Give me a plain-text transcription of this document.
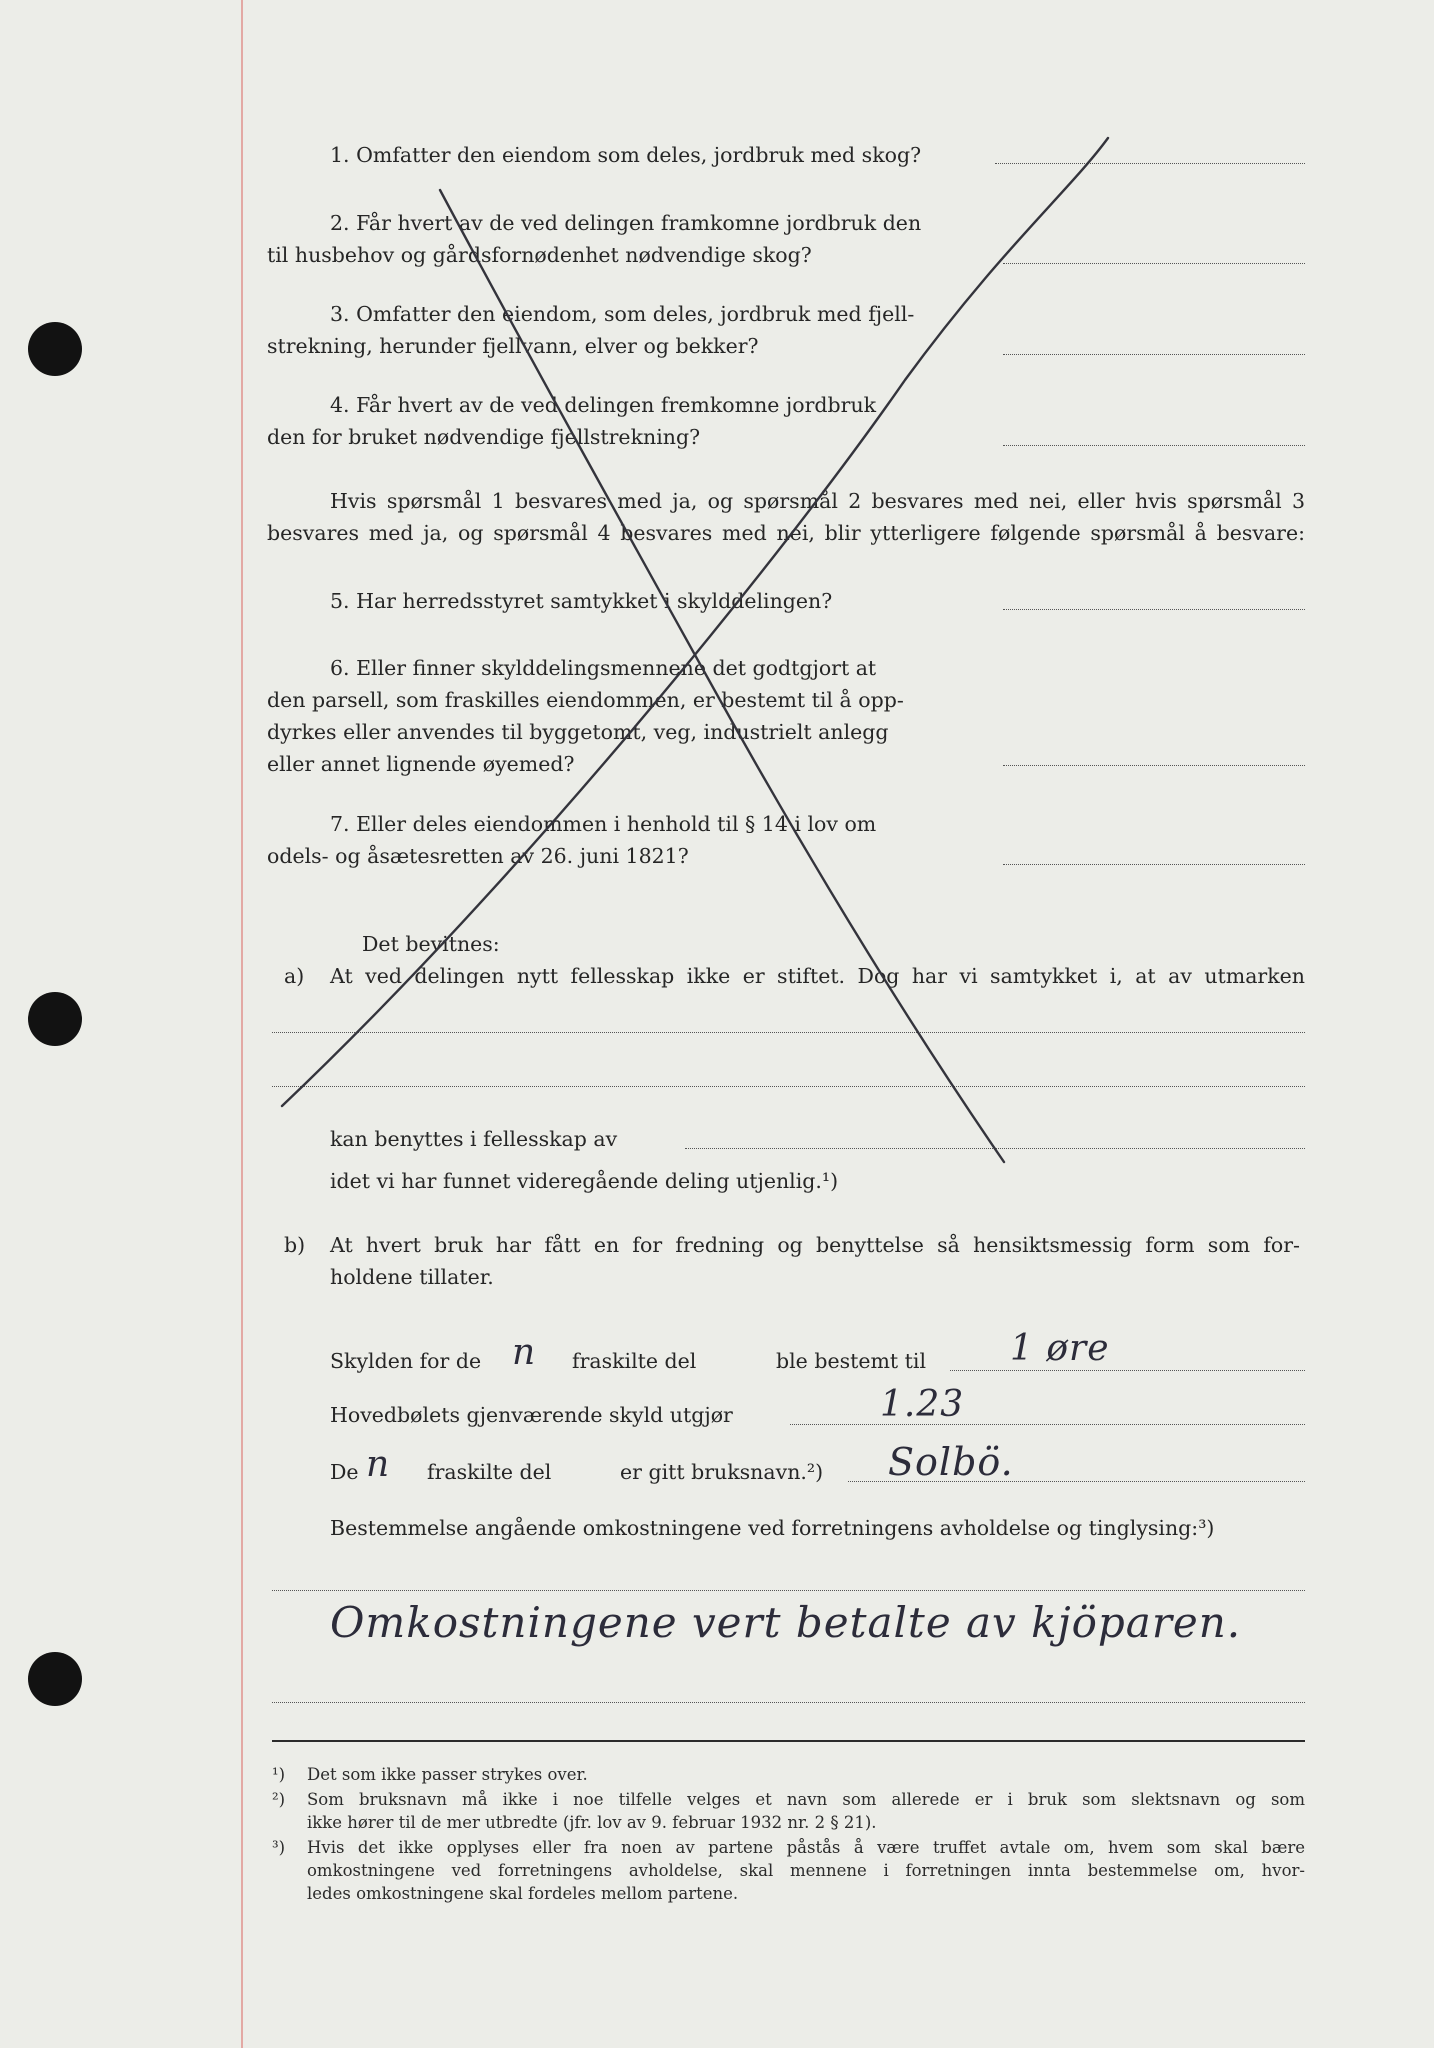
1. Omfatter den eiendom som deles, jordbruk med skog?
2. Får hvert av de ved delingen framkomne jordbruk den
til husbehov og gårdsfornødenhet nødvendige skog?
3. Omfatter den eiendom, som deles, jordbruk med fjell-
strekning, herunder fjellvann, elver og bekker?
4. Får hvert av de ved delingen fremkomne jordbruk
den for bruket nødvendige fjellstrekning?
Hvis spørsmål 1 besvares med ja, og spørsmål 2 besvares med nei, eller hvis spørsmål 3
besvares med ja, og spørsmål 4 besvares med nei, blir ytterligere følgende spørsmål å besvare:
5. Har herredsstyret samtykket i skylddelingen?
6. Eller finner skylddelingsmennene det godtgjort at
den parsell, som fraskilles eiendommen, er bestemt til å opp-
dyrkes eller anvendes til byggetomt, veg, industrielt anlegg
eller annet lignende øyemed?
7. Eller deles eiendommen i henhold til § 14 i lov om
odels- og åsætesretten av 26. juni 1821?
Det bevitnes:
a) At ved delingen nytt fellesskap ikke er stiftet. Dog har vi samtykket i, at av utmarken
kan benyttes i fellesskap av
idet vi har funnet videregående deling utjenlig.¹)
b) At hvert bruk har fått en for fredning og benyttelse så hensiktsmessig form som for-
holdene tillater.
Skylden for de n fraskilte del	ble bestemt til 1 øre
Hovedbølets gjenværende skyld utgjør	1.23
De n fraskilte del	er gitt bruksnavn.²) Solbö.
Bestemmelse angående omkostningene ved forretningens avholdelse og tinglysing:³)
Omkostningene vert betalte av kjöparen.
¹) Det som ikke passer strykes over.
²) Som bruksnavn må ikke i noe tilfelle velges et navn som allerede er i bruk som slektsnavn og som
ikke hører til de mer utbredte (jfr. lov av 9. februar 1932 nr. 2 § 21).
³) Hvis det ikke opplyses eller fra noen av partene påstås å være truffet avtale om, hvem som skal bære
omkostningene ved forretningens avholdelse, skal mennene i forretningen innta bestemmelse om, hvor-
ledes omkostningene skal fordeles mellom partene.
